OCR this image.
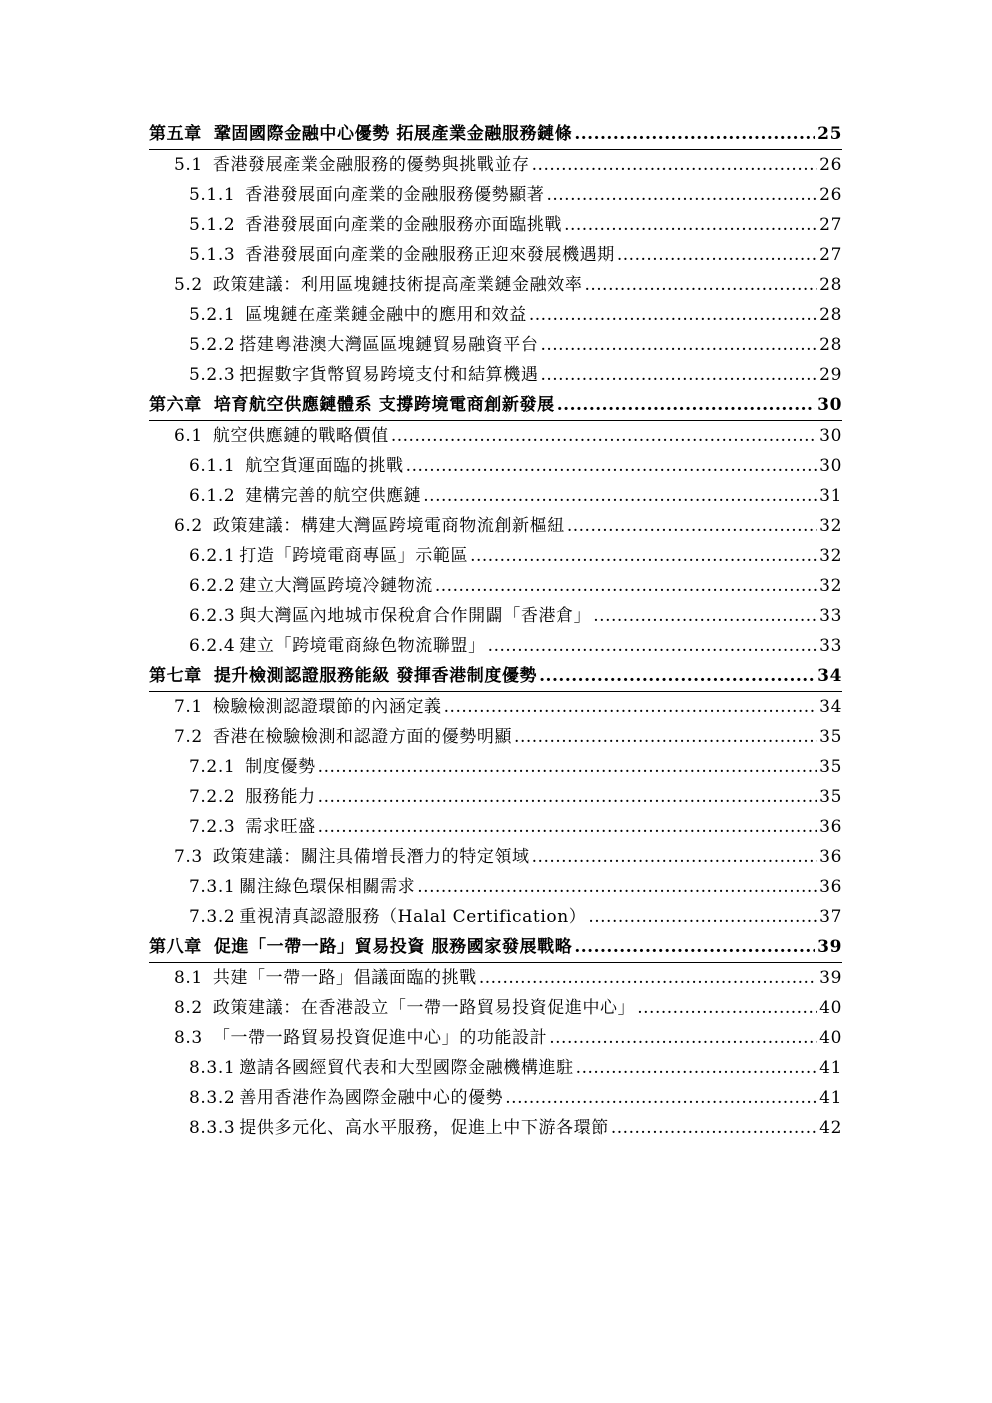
第五章 鞏固國際金融中心優勢 拓展產業金融服務鏈條 .....	25
5.1 香港發展產業金融服務的優勢與挑戰並存 .....	26
5.1.1 香港發展面向產業的金融服務優勢顯著 .....	26
5.1.2 香港發展面向產業的金融服務亦面臨挑戰 .....	27
5.1.3 香港發展面向產業的金融服務正迎來發展機遇期 .....	27
5.2 政策建議：利用區塊鏈技術提高產業鏈金融效率 .....	28
5.2.1 區塊鏈在產業鏈金融中的應用和效益 .....	28
5.2.2 搭建粵港澳大灣區區塊鏈貿易融資平台 .....	28
5.2.3 把握數字貨幣貿易跨境支付和結算機遇 .....	29
第六章 培育航空供應鏈體系 支撐跨境電商創新發展 .....	30
6.1 航空供應鏈的戰略價值 .....	30
6.1.1 航空貨運面臨的挑戰 .....	30
6.1.2 建構完善的航空供應鏈 .....	31
6.2 政策建議：構建大灣區跨境電商物流創新樞紐 .....	32
6.2.1 打造「跨境電商專區」示範區 .....	32
6.2.2 建立大灣區跨境冷鏈物流 .....	32
6.2.3 與大灣區內地城市保稅倉合作開闢「香港倉」 .....	33
6.2.4 建立「跨境電商綠色物流聯盟」 .....	33
第七章 提升檢測認證服務能級 發揮香港制度優勢 .....	34
7.1 檢驗檢測認證環節的內涵定義 .....	34
7.2 香港在檢驗檢測和認證方面的優勢明顯 .....	35
7.2.1 制度優勢 .....	35
7.2.2 服務能力 .....	35
7.2.3 需求旺盛 .....	36
7.3 政策建議：關注具備增長潛力的特定領域 .....	36
7.3.1 關注綠色環保相關需求 .....	36
7.3.2 重視清真認證服務（Halal Certification） .....	37
第八章 促進「一帶一路」貿易投資 服務國家發展戰略 .....	39
8.1 共建「一帶一路」倡議面臨的挑戰 .....	39
8.2 政策建議：在香港設立「一帶一路貿易投資促進中心」 .....	40
8.3 「一帶一路貿易投資促進中心」的功能設計 .....	40
8.3.1 邀請各國經貿代表和大型國際金融機構進駐 .....	41
8.3.2 善用香港作為國際金融中心的優勢 .....	41
8.3.3 提供多元化、高水平服務，促進上中下游各環節 .....	42
